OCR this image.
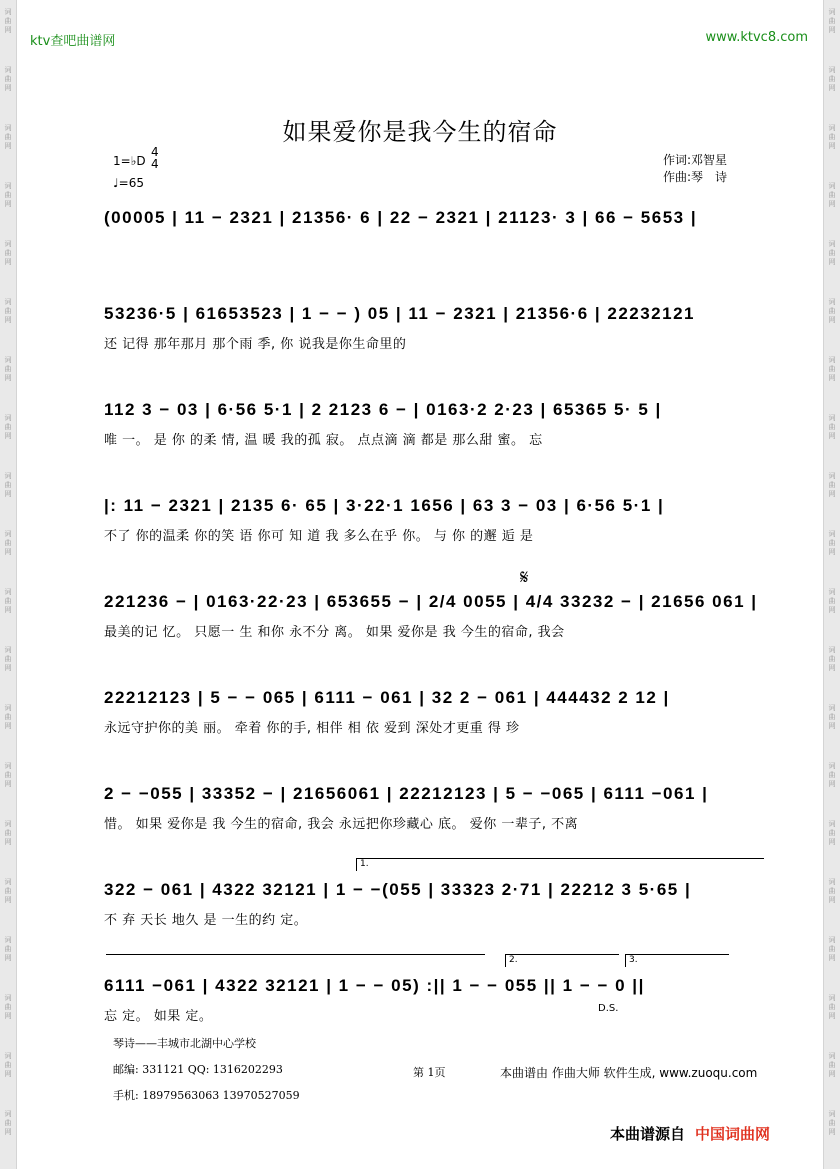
词曲网
词曲网
词曲网
词曲网
词曲网
词曲网
词曲网
词曲网
词曲网
词曲网
词曲网
词曲网
词曲网
词曲网
词曲网
词曲网
词曲网
词曲网
词曲网
词曲网
词曲网
词曲网
词曲网
词曲网
词曲网
词曲网
词曲网
词曲网
词曲网
词曲网
词曲网
词曲网
词曲网
词曲网
词曲网
词曲网
词曲网
词曲网
词曲网
词曲网
ktv查吧曲谱网	www.ktvc8.com
如果爱你是我今生的宿命
1=♭D
4
4
♩=65
作词:邓智星
作曲:琴　诗
(00005 | 11 − 2321 | 21356· 6 | 22 − 2321 | 21123· 3 | 66 − 5653 |
53236·5 | 61653523 | 1 − − ) 05 | 11 − 2321 | 21356·6 | 22232121
还 记得 那年那月 那个雨 季, 你 说我是你生命里的
112 3 − 03 | 6·56 5·1 | 2 2123 6 − | 0163·2 2·23 | 65365 5· 5 |
唯 一。 是 你 的柔 情, 温 暖 我的孤 寂。 点点滴 滴 都是 那么甜 蜜。 忘
|: 11 − 2321 | 2135 6· 65 | 3·22·1 1656 | 63 3 − 03 | 6·56 5·1 |
不了 你的温柔 你的笑 语 你可 知 道 我 多么在乎 你。 与 你 的邂 逅 是
𝄋
221236 − | 0163·22·23 | 653655 − | 2/4 0055 | 4/4 33232 − | 21656 061 |
最美的记 忆。 只愿一 生 和你 永不分 离。 如果 爱你是 我 今生的宿命, 我会
22212123 | 5 − − 065 | 6111 − 061 | 32 2 − 061 | 444432 2 12 |
永远守护你的美 丽。 牵着 你的手, 相伴 相 依 爱到 深处才更重 得 珍
2 − −055 | 33352 − | 21656061 | 22212123 | 5 − −065 | 6111 −061 |
惜。 如果 爱你是 我 今生的宿命, 我会 永远把你珍藏心 底。 爱你 一辈子, 不离
1.
322 − 061 | 4322 32121 | 1 − −(055 | 33323 2·71 | 22212 3 5·65 |
不 弃 天长 地久 是 一生的约 定。
2.	3.
D.S.
6111 −061 | 4322 32121 | 1 − − 05) :|| 1 − − 055 || 1 − − 0 ||
忘 定。 如果 定。
琴诗——丰城市北湖中心学校
邮编: 331121 QQ: 1316202293
手机: 18979563063 13970527059
第 1页	本曲谱由 作曲大师 软件生成, www.zuoqu.com
本曲谱源自 中国词曲网
